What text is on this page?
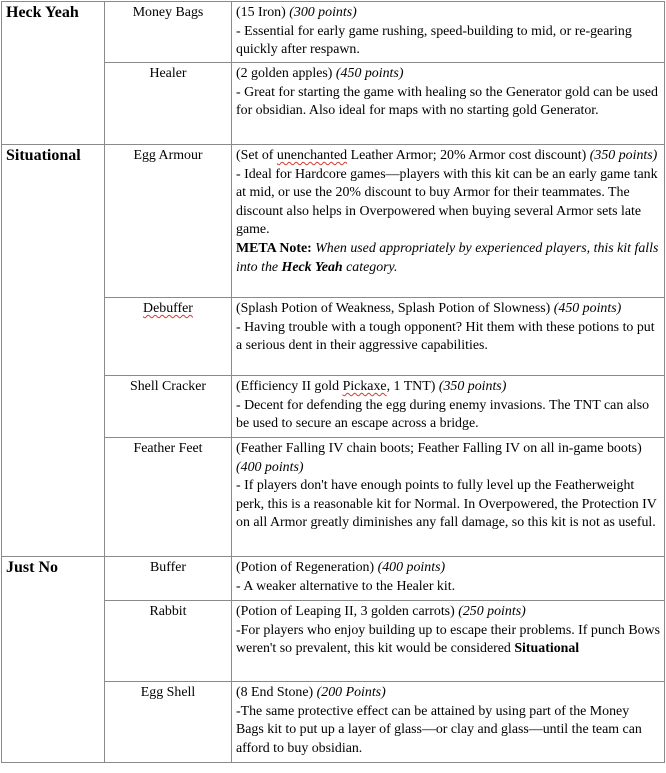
Heck Yeah	Money Bags	(15 Iron) (300 points)
- Essential for early game rushing, speed-building to mid, or re-gearing quickly after respawn.
	Healer	(2 golden apples) (450 points)
- Great for starting the game with healing so the Generator gold can be used for obsidian. Also ideal for maps with no starting gold Generator.
Situational	Egg Armour	(Set of unenchanted Leather Armor; 20% Armor cost discount) (350 points)
- Ideal for Hardcore games—players with this kit can be an early game tank at mid, or use the 20% discount to buy Armor for their teammates. The discount also helps in Overpowered when buying several Armor sets late game.
META Note: When used appropriately by experienced players, this kit falls into the Heck Yeah category.
	Debuffer	(Splash Potion of Weakness, Splash Potion of Slowness) (450 points)
- Having trouble with a tough opponent? Hit them with these potions to put a serious dent in their aggressive capabilities.
	Shell Cracker	(Efficiency II gold Pickaxe, 1 TNT) (350 points)
- Decent for defending the egg during enemy invasions. The TNT can also be used to secure an escape across a bridge.
	Feather Feet	(Feather Falling IV chain boots; Feather Falling IV on all in-game boots) (400 points)
- If players don't have enough points to fully level up the Featherweight perk, this is a reasonable kit for Normal. In Overpowered, the Protection IV on all Armor greatly diminishes any fall damage, so this kit is not as useful.
Just No	Buffer	(Potion of Regeneration) (400 points)
- A weaker alternative to the Healer kit.
	Rabbit	(Potion of Leaping II, 3 golden carrots) (250 points)
-For players who enjoy building up to escape their problems. If punch Bows weren't so prevalent, this kit would be considered Situational
	Egg Shell	(8 End Stone) (200 Points)
-The same protective effect can be attained by using part of the Money Bags kit to put up a layer of glass—or clay and glass—until the team can afford to buy obsidian.
